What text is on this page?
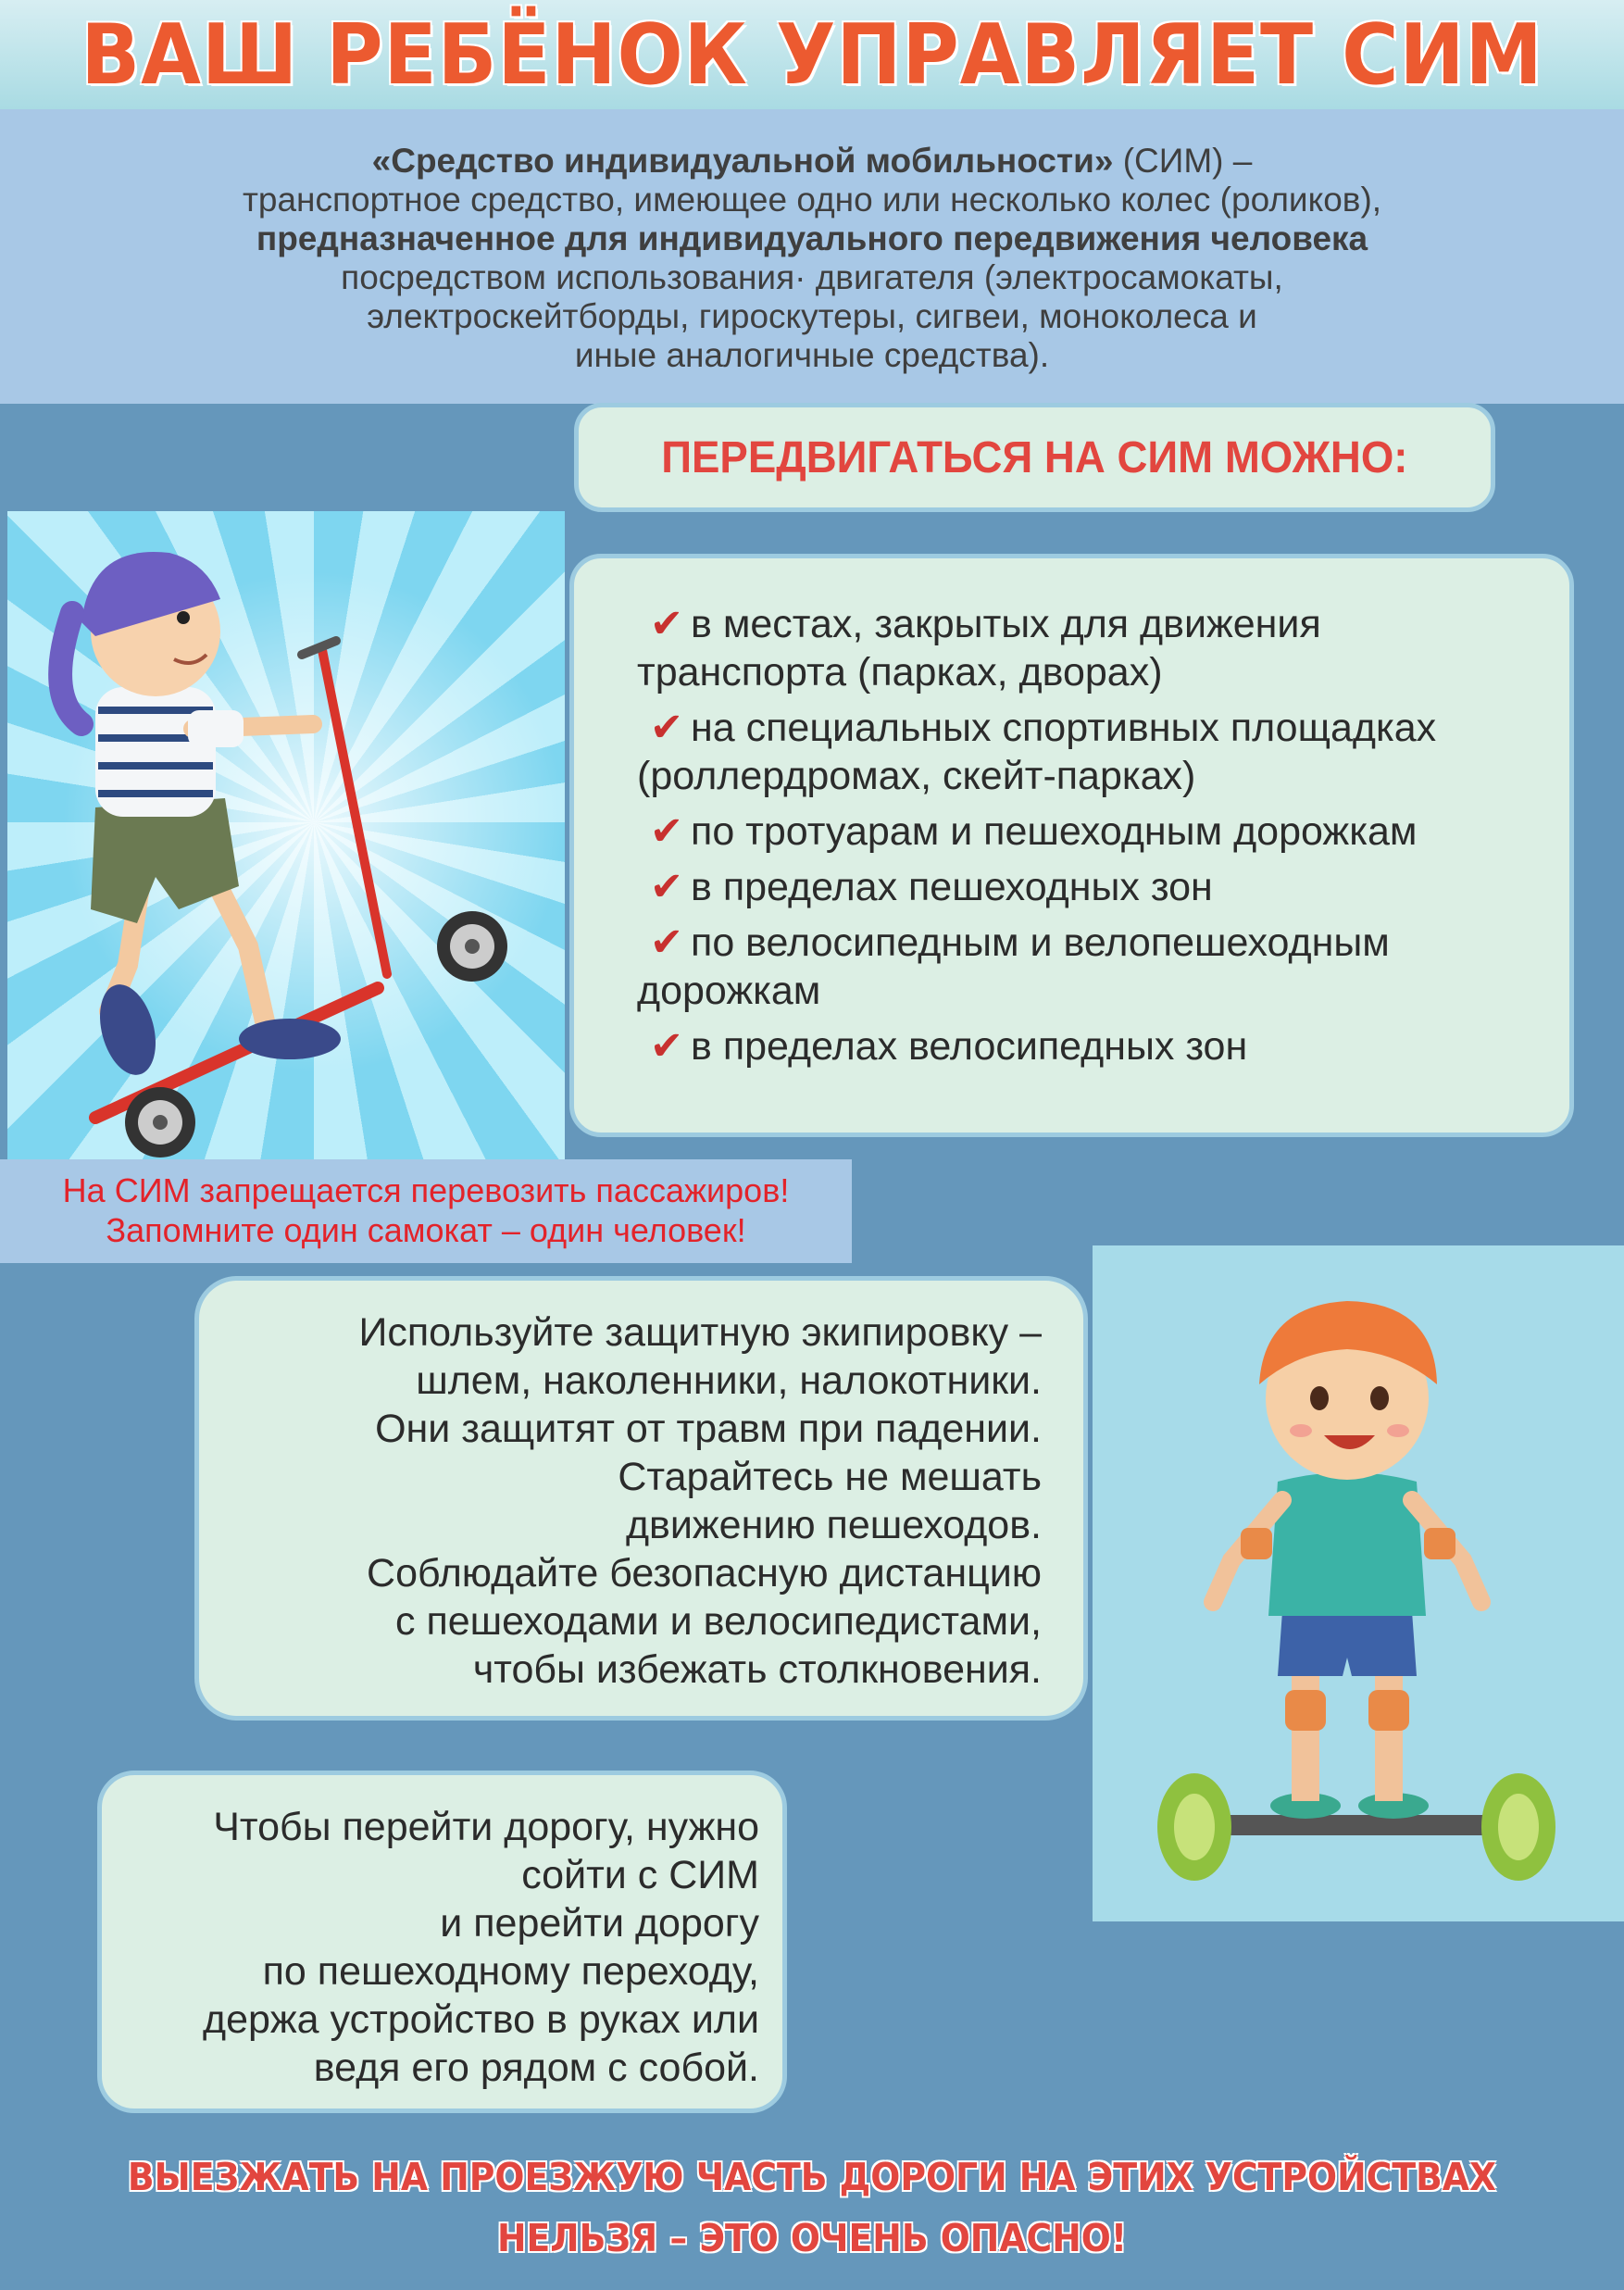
ВАШ РЕБЁНОК УПРАВЛЯЕТ СИМ
«Средство индивидуальной мобильности» (СИМ) –
транспортное средство, имеющее одно или несколько колес (роликов),
предназначенное для индивидуального передвижения человека
посредством использования· двигателя (электросамокаты,
электроскейтборды, гироскутеры, сигвеи, моноколеса и
иные аналогичные средства).
ПЕРЕДВИГАТЬСЯ НА СИМ МОЖНО:
✔ в местах, закрытых для движения транспорта (парках, дворах)
✔ на специальных спортивных площадках (роллердромах, скейт-парках)
✔ по тротуарам и пешеходным дорожкам
✔ в пределах пешеходных зон
✔ по велосипедным и велопешеходным дорожкам
✔ в пределах велосипедных зон
На СИМ запрещается перевозить пассажиров!
Запомните один самокат – один человек!
Используйте защитную экипировку –
шлем, наколенники, налокотники.
Они защитят от травм при падении.
Старайтесь не мешать
движению пешеходов.
Соблюдайте безопасную дистанцию
с пешеходами и велосипедистами,
чтобы избежать столкновения.
Чтобы перейти дорогу, нужно
сойти с СИМ
и перейти дорогу
по пешеходному переходу,
держа устройство в руках или
ведя его рядом с собой.
ВЫЕЗЖАТЬ НА ПРОЕЗЖУЮ ЧАСТЬ ДОРОГИ НА ЭТИХ УСТРОЙСТВАХ
НЕЛЬЗЯ – ЭТО ОЧЕНЬ ОПАСНО!
